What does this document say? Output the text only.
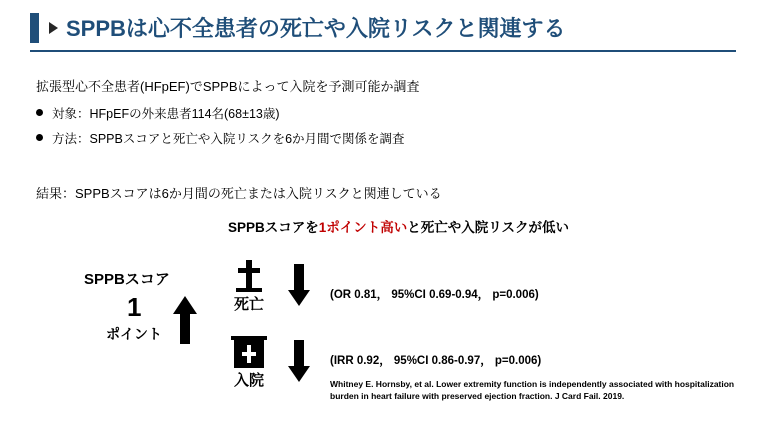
SPPBは心不全患者の死亡や入院リスクと関連する
拡張型心不全患者(HFpEF)でSPPBによって入院を予測可能か調査
対象：HFpEFの外来患者114名(68±13歳)
方法：SPPBスコアと死亡や入院リスクを6か月間で関係を調査
結果：SPPBスコアは6か月間の死亡または入院リスクと関連している
SPPBスコアを1ポイント高いと死亡や入院リスクが低い
SPPBスコア
1
ポイント
死亡
入院
(OR 0.81， 95%CI 0.69-0.94， p=0.006)
(IRR 0.92， 95%CI 0.86-0.97， p=0.006)
Whitney E. Hornsby, et al. Lower extremity function is independently associated with hospitalization burden in heart failure with preserved ejection fraction. J Card Fail. 2019.
